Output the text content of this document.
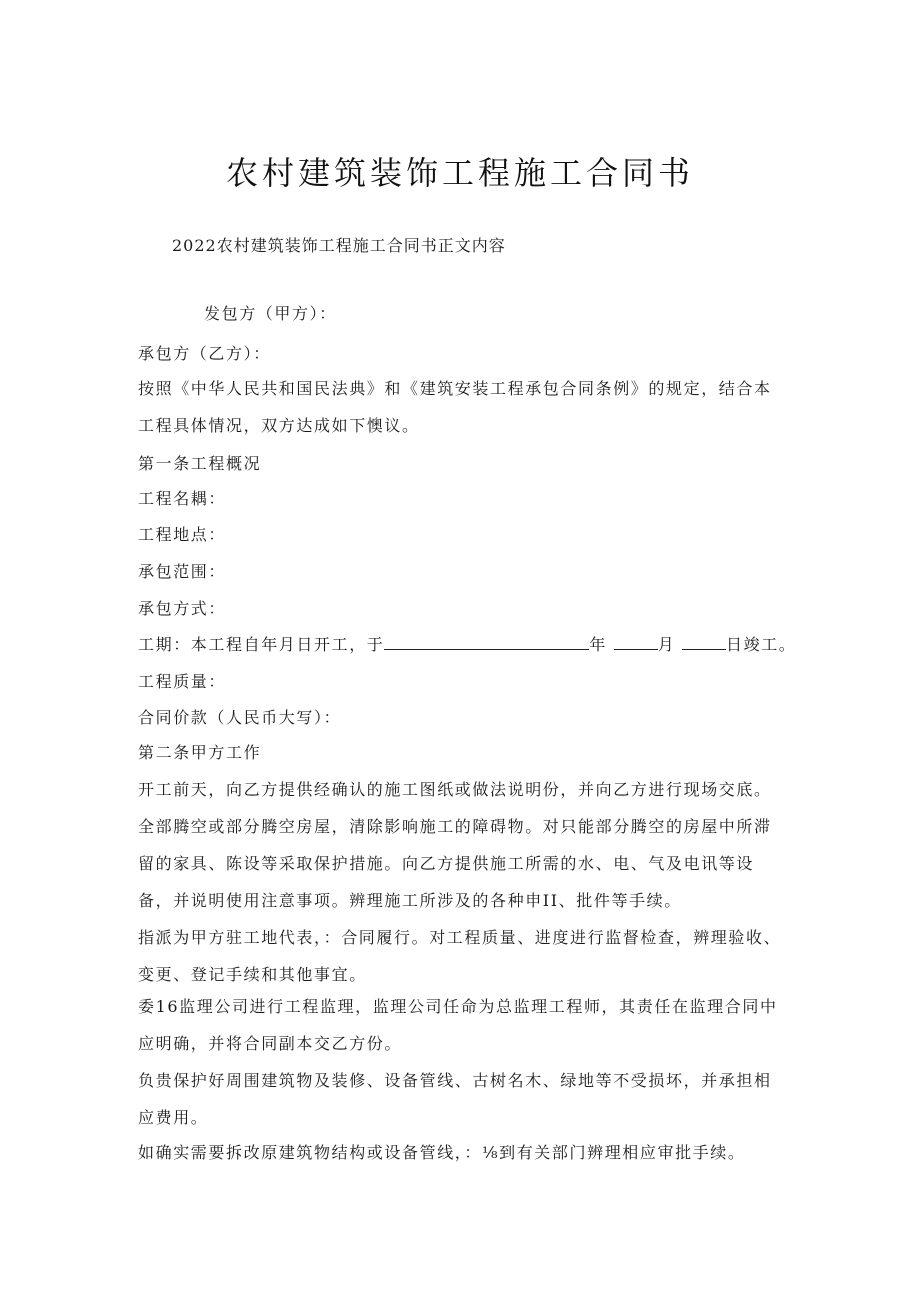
农村建筑装饰工程施工合同书
2022农村建筑装饰工程施工合同书正文内容
发包方（甲方）：
承包方（乙方）：
按照《中华人民共和国民法典》和《建筑安装工程承包合同条例》的规定，结合本工程具体情况，双方达成如下懊议。
第一条工程概况
工程名耦：
工程地点：
承包范围：
承包方式：
工期：本工程自年月日开工，于	年	月	日竣工。
工程质量：
合同价款（人民币大写）：
第二条甲方工作
开工前天，向乙方提供经确认的施工图纸或做法说明份，并向乙方进行现场交底。全部腾空或部分腾空房屋，清除影响施工的障碍物。对只能部分腾空的房屋中所滞留的家具、陈设等采取保护措施。向乙方提供施工所需的水、电、气及电讯等设备，并说明使用注意事项。辨理施工所涉及的各种申II、批件等手续。
指派为甲方驻工地代表，：合同履行。对工程质量、进度进行监督检查，辨理验收、变更、登记手续和其他事宜。
委16监理公司进行工程监理，监理公司任命为总监理工程师，其责任在监理合同中应明确，并将合同副本交乙方份。
负贵保护好周围建筑物及装修、设备管线、古树名木、绿地等不受损坏，并承担相应费用。
如确实需要拆改原建筑物结构或设备管线，：⅛到有关部门辨理相应审批手续。
